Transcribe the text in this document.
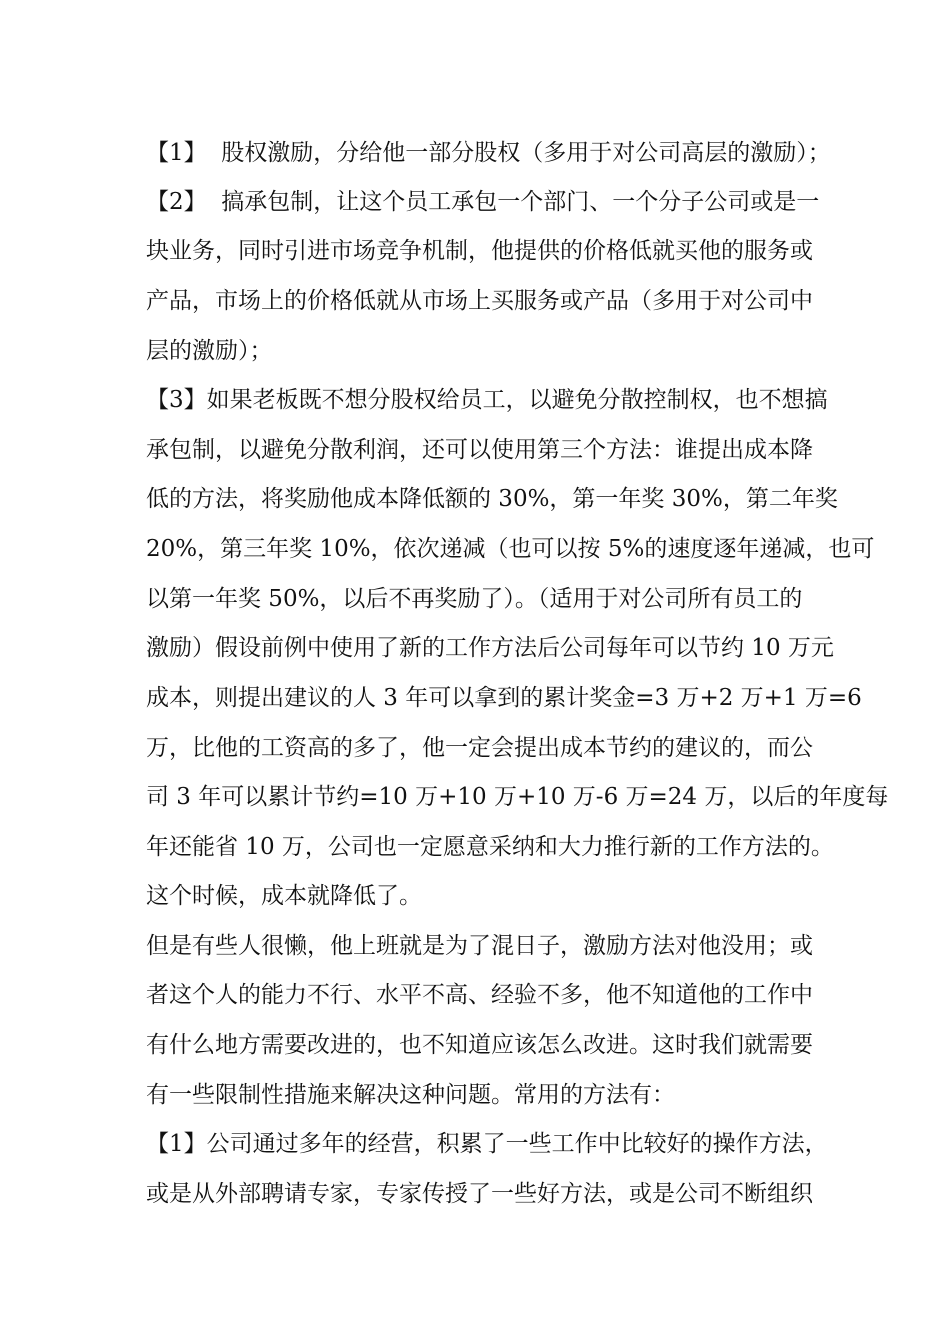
【1】  股权激励，分给他一部分股权（多用于对公司高层的激励）；

【2】  搞承包制，让这个员工承包一个部门、一个分子公司或是一

块业务，同时引进市场竞争机制，他提供的价格低就买他的服务或

产品，市场上的价格低就从市场上买服务或产品（多用于对公司中

层的激励）；

【3】如果老板既不想分股权给员工，以避免分散控制权，也不想搞

承包制，以避免分散利润，还可以使用第三个方法：谁提出成本降

低的方法，将奖励他成本降低额的 30%，第一年奖 30%，第二年奖

20%，第三年奖 10%，依次递减（也可以按 5%的速度逐年递减，也可

以第一年奖 50%，以后不再奖励了）。（适用于对公司所有员工的

激励）假设前例中使用了新的工作方法后公司每年可以节约 10 万元

成本，则提出建议的人 3 年可以拿到的累计奖金=3 万+2 万+1 万=6

万，比他的工资高的多了，他一定会提出成本节约的建议的，而公

司 3 年可以累计节约=10 万+10 万+10 万-6 万=24 万，以后的年度每

年还能省 10 万，公司也一定愿意采纳和大力推行新的工作方法的。

这个时候，成本就降低了。

但是有些人很懒，他上班就是为了混日子，激励方法对他没用；或

者这个人的能力不行、水平不高、经验不多，他不知道他的工作中

有什么地方需要改进的，也不知道应该怎么改进。这时我们就需要

有一些限制性措施来解决这种问题。常用的方法有：

【1】公司通过多年的经营，积累了一些工作中比较好的操作方法，

或是从外部聘请专家，专家传授了一些好方法，或是公司不断组织
